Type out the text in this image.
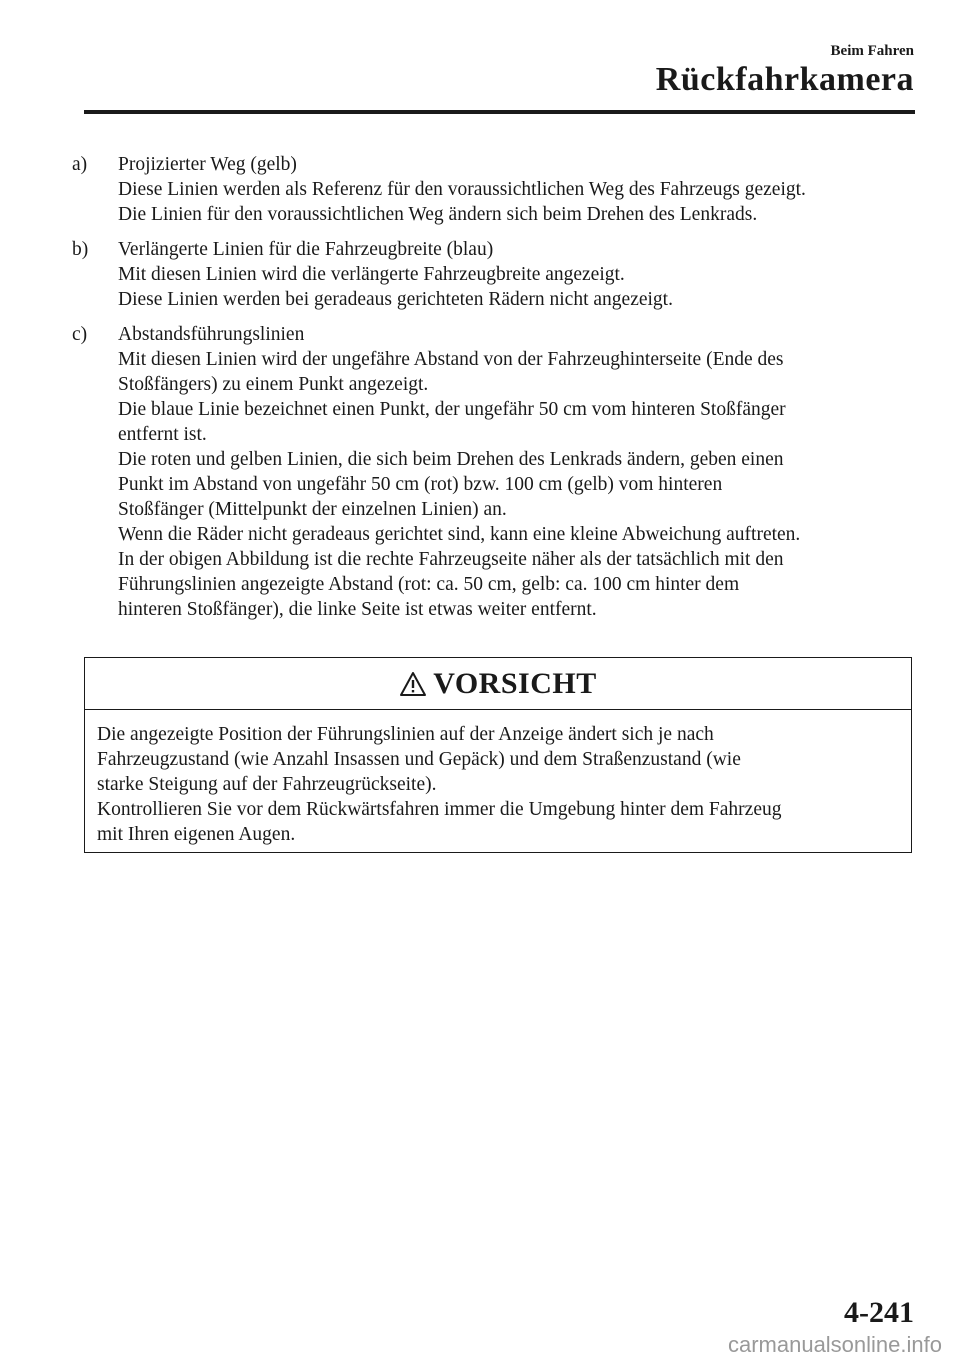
Beim Fahren
Rückfahrkamera
a) Projizierter Weg (gelb)
Diese Linien werden als Referenz für den voraussichtlichen Weg des Fahrzeugs gezeigt.
Die Linien für den voraussichtlichen Weg ändern sich beim Drehen des Lenkrads.
b) Verlängerte Linien für die Fahrzeugbreite (blau)
Mit diesen Linien wird die verlängerte Fahrzeugbreite angezeigt.
Diese Linien werden bei geradeaus gerichteten Rädern nicht angezeigt.
c) Abstandsführungslinien
Mit diesen Linien wird der ungefähre Abstand von der Fahrzeughinterseite (Ende des
Stoßfängers) zu einem Punkt angezeigt.
Die blaue Linie bezeichnet einen Punkt, der ungefähr 50 cm vom hinteren Stoßfänger
entfernt ist.
Die roten und gelben Linien, die sich beim Drehen des Lenkrads ändern, geben einen
Punkt im Abstand von ungefähr 50 cm (rot) bzw. 100 cm (gelb) vom hinteren
Stoßfänger (Mittelpunkt der einzelnen Linien) an.
Wenn die Räder nicht geradeaus gerichtet sind, kann eine kleine Abweichung auftreten.
In der obigen Abbildung ist die rechte Fahrzeugseite näher als der tatsächlich mit den
Führungslinien angezeigte Abstand (rot: ca. 50 cm, gelb: ca. 100 cm hinter dem
hinteren Stoßfänger), die linke Seite ist etwas weiter entfernt.
VORSICHT
Die angezeigte Position der Führungslinien auf der Anzeige ändert sich je nach
Fahrzeugzustand (wie Anzahl Insassen und Gepäck) und dem Straßenzustand (wie
starke Steigung auf der Fahrzeugrückseite).
Kontrollieren Sie vor dem Rückwärtsfahren immer die Umgebung hinter dem Fahrzeug
mit Ihren eigenen Augen.
4-241
carmanualsonline.info
